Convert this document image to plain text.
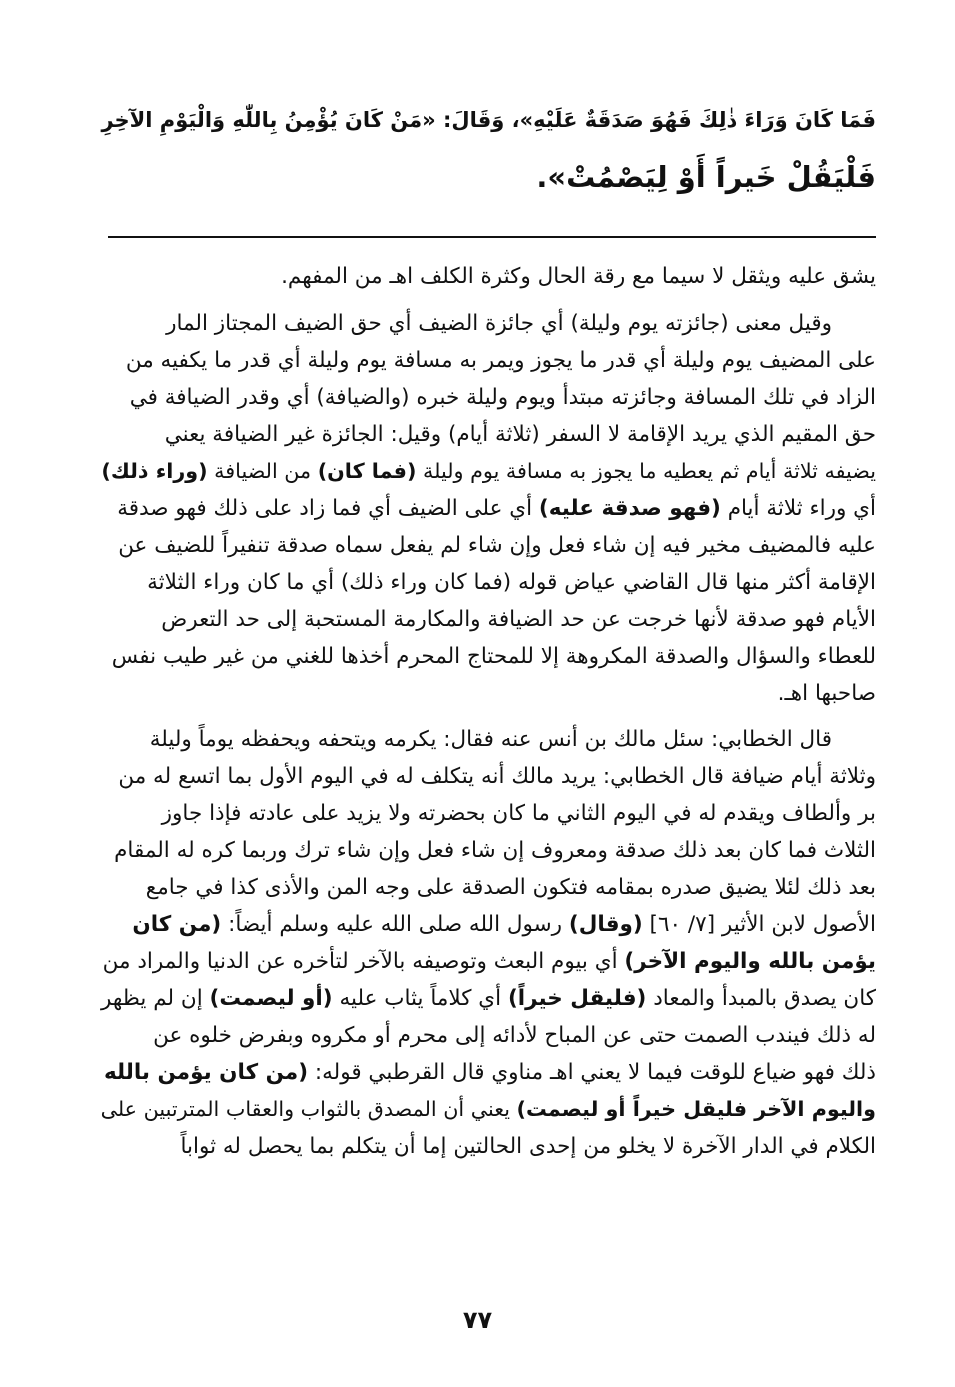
فَمَا كَانَ وَرَاءَ ذٰلِكَ فَهُوَ صَدَقَةٌ عَلَيْهِ»، وَقَالَ: «مَنْ كَانَ يُؤْمِنُ بِاللّٰهِ وَالْيَوْمِ الآخِرِ
فَلْيَقُلْ خَيراً أَوْ لِيَصْمُتْ».
يشق عليه ويثقل لا سيما مع رقة الحال وكثرة الكلف اهـ من المفهم.
وقيل معنى (جائزته يوم وليلة) أي جائزة الضيف أي حق الضيف المجتاز المار
على المضيف يوم وليلة أي قدر ما يجوز ويمر به مسافة يوم وليلة أي قدر ما يكفيه من
الزاد في تلك المسافة وجائزته مبتدأ ويوم وليلة خبره (والضيافة) أي وقدر الضيافة في
حق المقيم الذي يريد الإقامة لا السفر (ثلاثة أيام) وقيل: الجائزة غير الضيافة يعني
يضيفه ثلاثة أيام ثم يعطيه ما يجوز به مسافة يوم وليلة (فما كان) من الضيافة (وراء ذلك)
أي وراء ثلاثة أيام (فهو صدقة عليه) أي على الضيف أي فما زاد على ذلك فهو صدقة
عليه فالمضيف مخير فيه إن شاء فعل وإن شاء لم يفعل سماه صدقة تنفيراً للضيف عن
الإقامة أكثر منها قال القاضي عياض قوله (فما كان وراء ذلك) أي ما كان وراء الثلاثة
الأيام فهو صدقة لأنها خرجت عن حد الضيافة والمكارمة المستحبة إلى حد التعرض
للعطاء والسؤال والصدقة المكروهة إلا للمحتاج المحرم أخذها للغني من غير طيب نفس
صاحبها اهـ.
قال الخطابي: سئل مالك بن أنس عنه فقال: يكرمه ويتحفه ويحفظه يوماً وليلة
وثلاثة أيام ضيافة قال الخطابي: يريد مالك أنه يتكلف له في اليوم الأول بما اتسع له من
بر وألطاف ويقدم له في اليوم الثاني ما كان بحضرته ولا يزيد على عادته فإذا جاوز
الثلاث فما كان بعد ذلك صدقة ومعروف إن شاء فعل وإن شاء ترك وربما كره له المقام
بعد ذلك لئلا يضيق صدره بمقامه فتكون الصدقة على وجه المن والأذى كذا في جامع
الأصول لابن الأثير [٧/ ٦٠] (وقال) رسول الله صلى الله عليه وسلم أيضاً: (من كان
يؤمن بالله واليوم الآخر) أي بيوم البعث وتوصيفه بالآخر لتأخره عن الدنيا والمراد من
كان يصدق بالمبدأ والمعاد (فليقل خيراً) أي كلاماً يثاب عليه (أو ليصمت) إن لم يظهر
له ذلك فيندب الصمت حتى عن المباح لأدائه إلى محرم أو مكروه وبفرض خلوه عن
ذلك فهو ضياع للوقت فيما لا يعني اهـ مناوي قال القرطبي قوله: (من كان يؤمن بالله
واليوم الآخر فليقل خيراً أو ليصمت) يعني أن المصدق بالثواب والعقاب المترتبين على
الكلام في الدار الآخرة لا يخلو من إحدى الحالتين إما أن يتكلم بما يحصل له ثواباً
٧٧
